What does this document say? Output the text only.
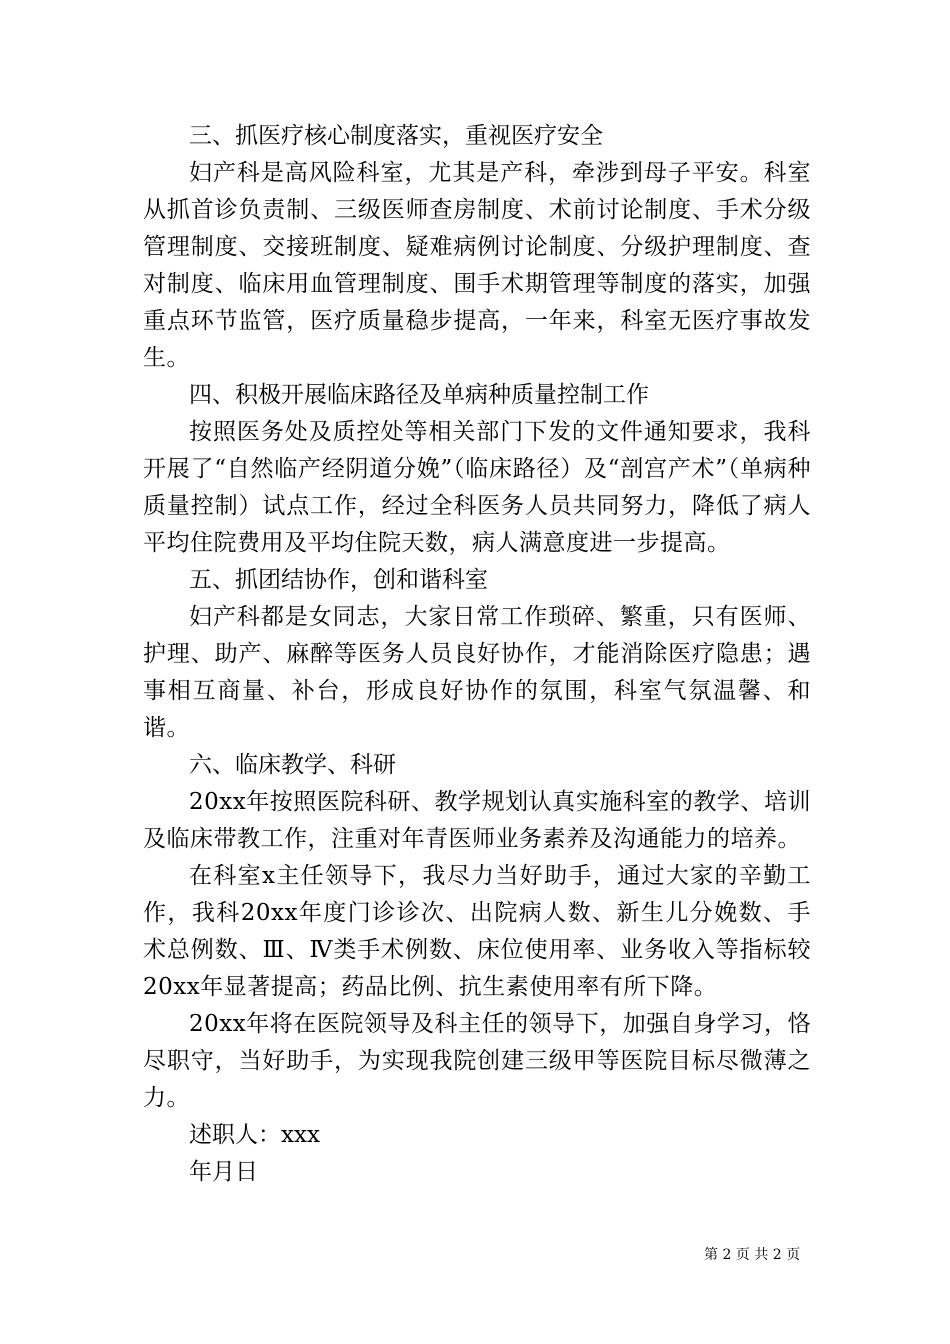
三、抓医疗核心制度落实，重视医疗安全

妇产科是高风险科室，尤其是产科，牵涉到母子平安。科室从抓首诊负责制、三级医师查房制度、术前讨论制度、手术分级管理制度、交接班制度、疑难病例讨论制度、分级护理制度、查对制度、临床用血管理制度、围手术期管理等制度的落实，加强重点环节监管，医疗质量稳步提高，一年来，科室无医疗事故发生。

四、积极开展临床路径及单病种质量控制工作

按照医务处及质控处等相关部门下发的文件通知要求，我科开展了“自然临产经阴道分娩”（临床路径）及“剖宫产术”（单病种质量控制）试点工作，经过全科医务人员共同努力，降低了病人平均住院费用及平均住院天数，病人满意度进一步提高。

五、抓团结协作，创和谐科室

妇产科都是女同志，大家日常工作琐碎、繁重，只有医师、护理、助产、麻醉等医务人员良好协作，才能消除医疗隐患；遇事相互商量、补台，形成良好协作的氛围，科室气氛温馨、和谐。

六、临床教学、科研

20xx年按照医院科研、教学规划认真实施科室的教学、培训及临床带教工作，注重对年青医师业务素养及沟通能力的培养。

在科室x主任领导下，我尽力当好助手，通过大家的辛勤工作，我科20xx年度门诊诊次、出院病人数、新生儿分娩数、手术总例数、Ⅲ、Ⅳ类手术例数、床位使用率、业务收入等指标较20xx年显著提高；药品比例、抗生素使用率有所下降。

20xx年将在医院领导及科主任的领导下，加强自身学习，恪尽职守，当好助手，为实现我院创建三级甲等医院目标尽微薄之力。

述职人：xxx

年月日

第 2 页 共 2 页
